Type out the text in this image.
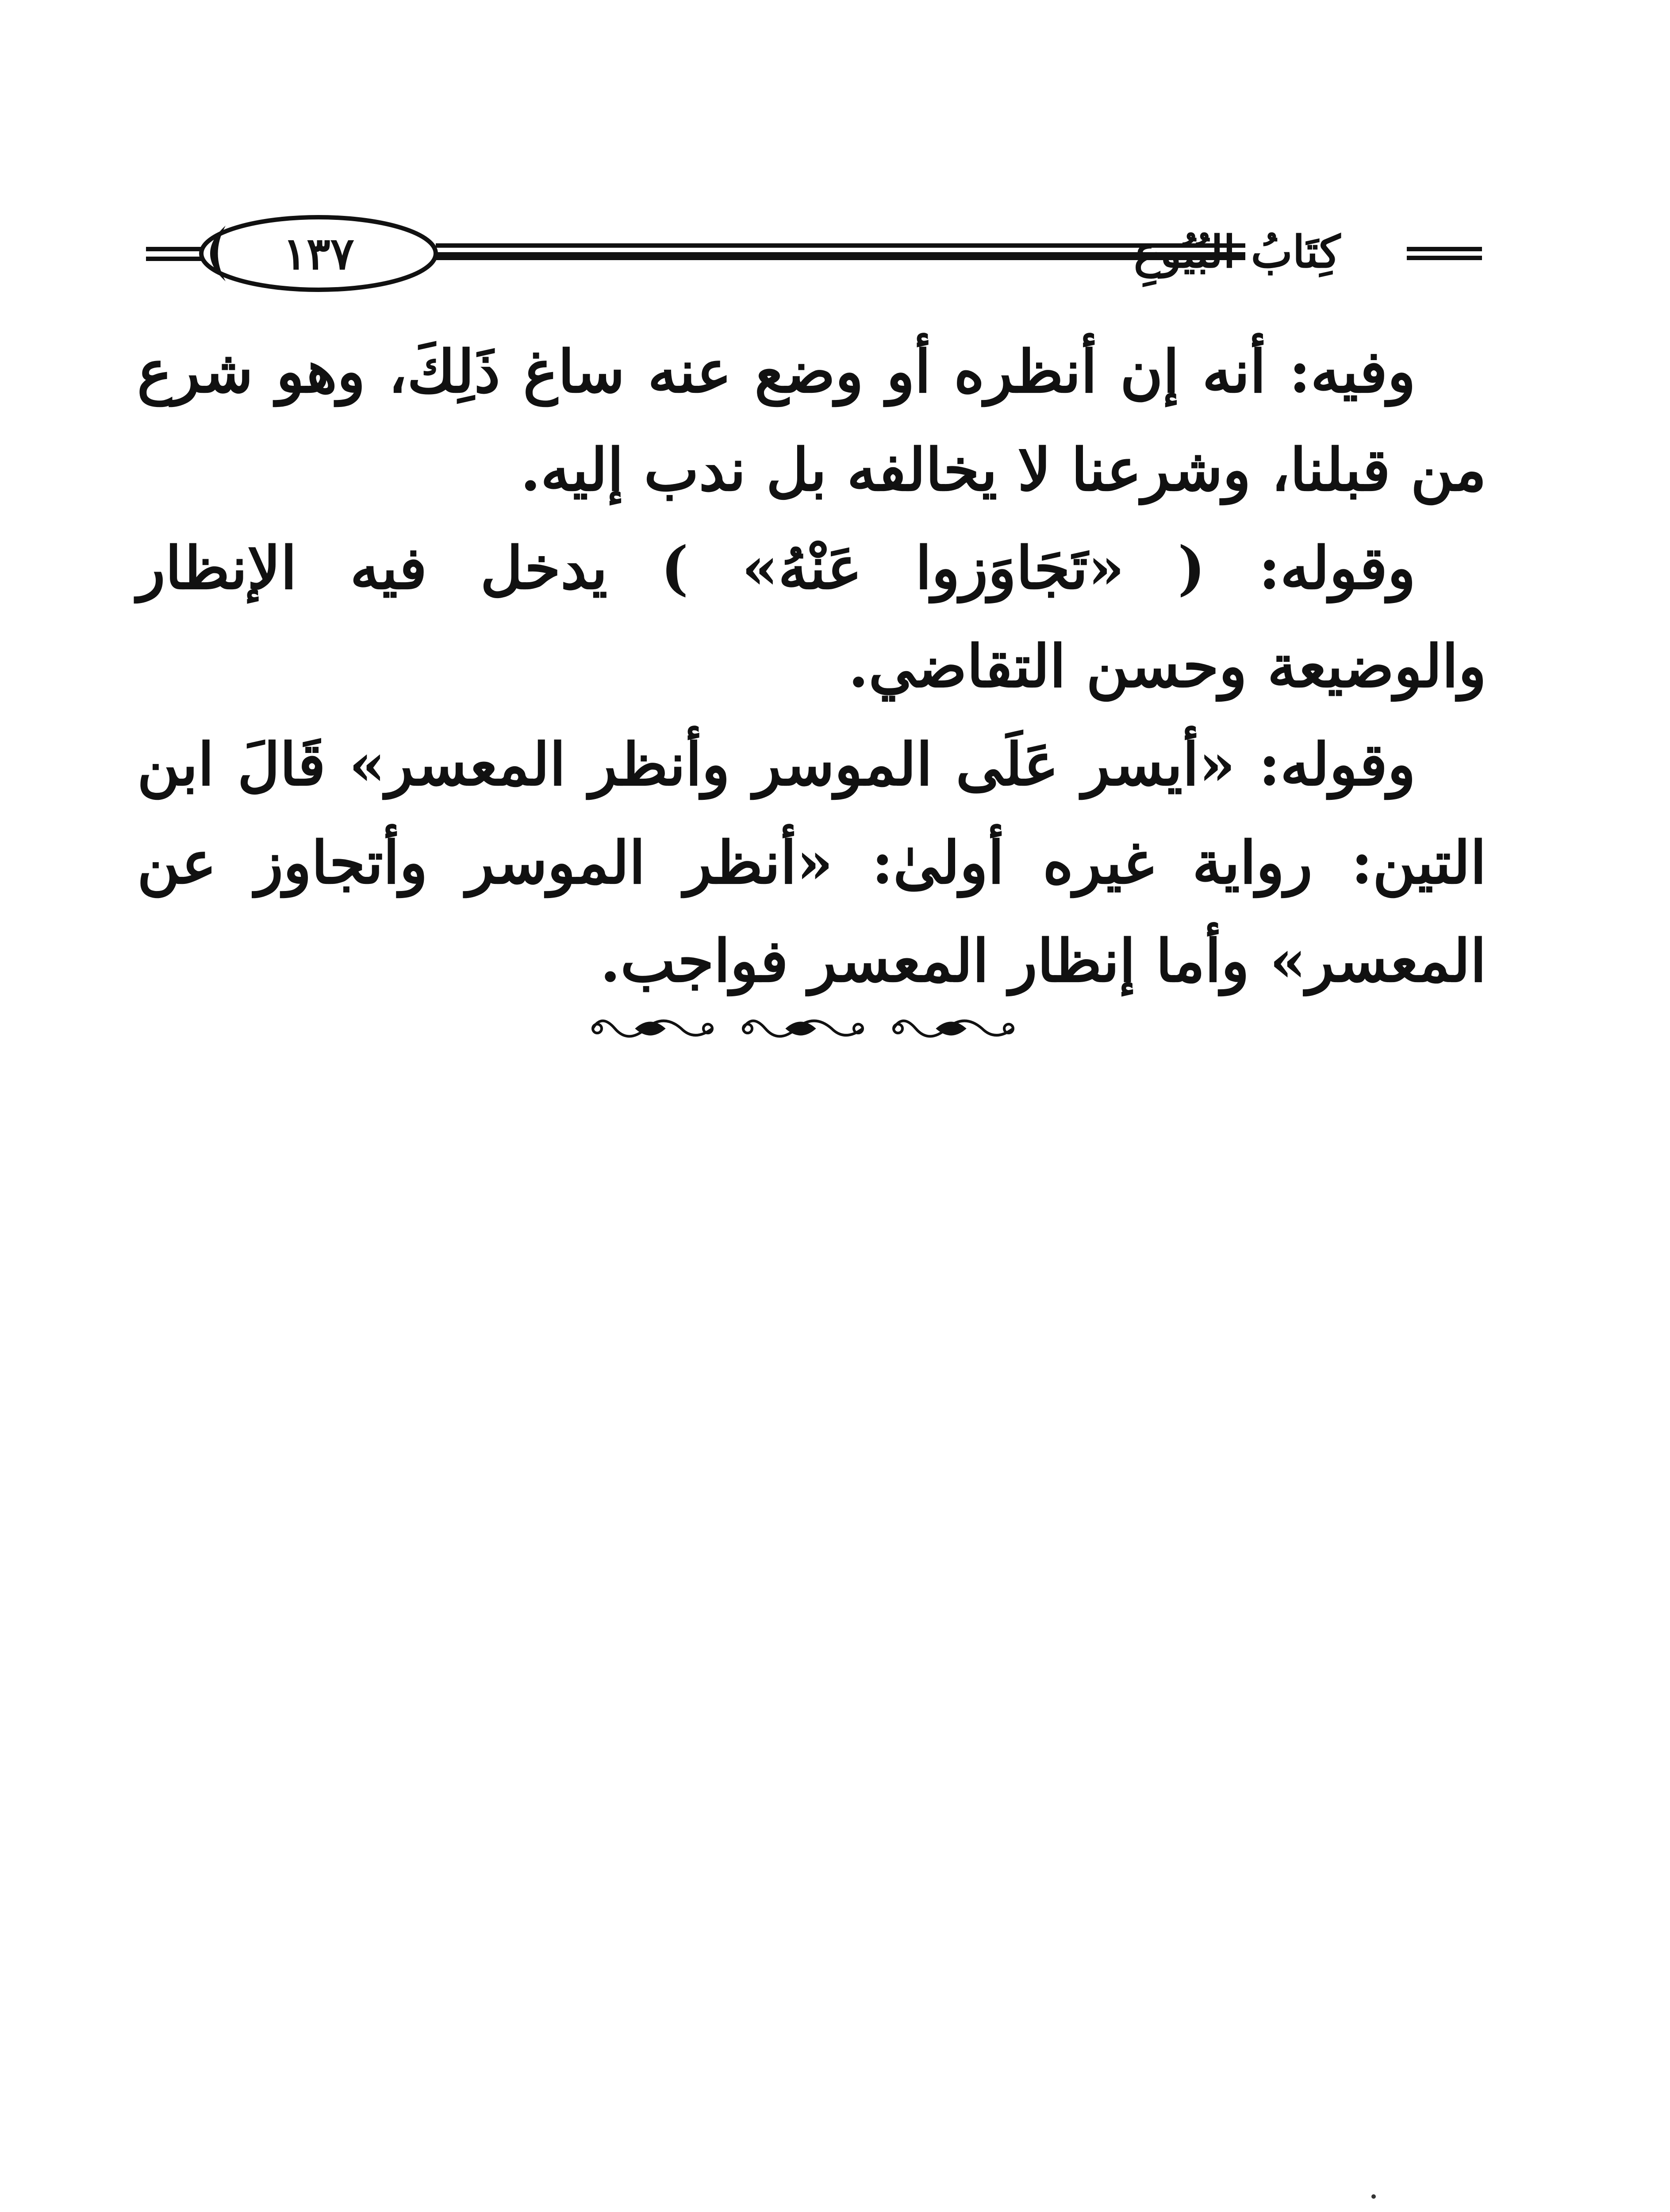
١٣٧	كِتَابُ البُيُوعِ

وفيه: أنه إن أنظره أو وضع عنه ساغ ذَلِكَ، وهو شرع من قبلنا، وشرعنا لا يخالفه بل ندب إليه.

وقوله: ( «تَجَاوَزوا عَنْهُ» ) يدخل فيه الإنظار والوضيعة وحسن التقاضي.

وقوله: «أيسر عَلَى الموسر وأنظر المعسر» قَالَ ابن التين: رواية غيره أولىٰ: «أنظر الموسر وأتجاوز عن المعسر» وأما إنظار المعسر فواجب.
